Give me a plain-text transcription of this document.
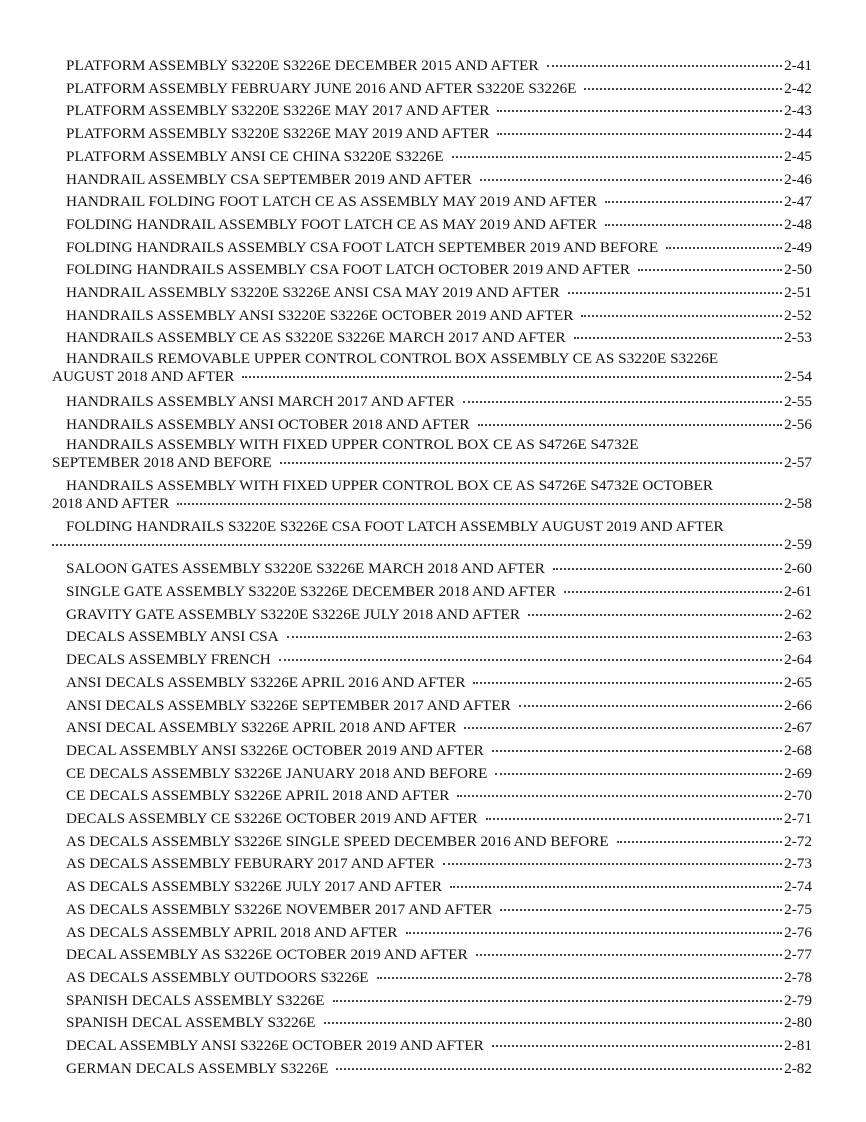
PLATFORM ASSEMBLY S3220E S3226E DECEMBER 2015 AND AFTER	2-41
PLATFORM ASSEMBLY FEBRUARY JUNE 2016 AND AFTER S3220E S3226E	2-42
PLATFORM ASSEMBLY S3220E S3226E MAY 2017 AND AFTER	2-43
PLATFORM ASSEMBLY S3220E S3226E MAY 2019 AND AFTER	2-44
PLATFORM ASSEMBLY ANSI CE CHINA S3220E S3226E	2-45
HANDRAIL ASSEMBLY CSA SEPTEMBER 2019 AND AFTER	2-46
HANDRAIL FOLDING FOOT LATCH CE AS ASSEMBLY MAY 2019 AND AFTER	2-47
FOLDING HANDRAIL ASSEMBLY FOOT LATCH CE AS MAY 2019 AND AFTER	2-48
FOLDING HANDRAILS ASSEMBLY CSA FOOT LATCH SEPTEMBER 2019 AND BEFORE	2-49
FOLDING HANDRAILS ASSEMBLY CSA FOOT LATCH OCTOBER 2019 AND AFTER	2-50
HANDRAIL ASSEMBLY S3220E S3226E ANSI CSA MAY 2019 AND AFTER	2-51
HANDRAILS ASSEMBLY ANSI S3220E S3226E OCTOBER 2019 AND AFTER	2-52
HANDRAILS ASSEMBLY CE AS S3220E S3226E MARCH 2017 AND AFTER	2-53
HANDRAILS REMOVABLE UPPER CONTROL CONTROL BOX ASSEMBLY CE AS S3220E S3226E
AUGUST 2018 AND AFTER	2-54
HANDRAILS ASSEMBLY ANSI MARCH 2017 AND AFTER	2-55
HANDRAILS ASSEMBLY ANSI OCTOBER 2018 AND AFTER	2-56
HANDRAILS ASSEMBLY WITH FIXED UPPER CONTROL BOX CE AS S4726E S4732E
SEPTEMBER 2018 AND BEFORE	2-57
HANDRAILS ASSEMBLY WITH FIXED UPPER CONTROL BOX CE AS S4726E S4732E OCTOBER
2018 AND AFTER	2-58
FOLDING HANDRAILS S3220E S3226E CSA FOOT LATCH ASSEMBLY AUGUST 2019 AND AFTER
2-59
SALOON GATES ASSEMBLY S3220E S3226E MARCH 2018 AND AFTER	2-60
SINGLE GATE ASSEMBLY S3220E S3226E DECEMBER 2018 AND AFTER	2-61
GRAVITY GATE ASSEMBLY S3220E S3226E JULY 2018 AND AFTER	2-62
DECALS ASSEMBLY ANSI CSA	2-63
DECALS ASSEMBLY FRENCH	2-64
ANSI DECALS ASSEMBLY S3226E APRIL 2016 AND AFTER	2-65
ANSI DECALS ASSEMBLY S3226E SEPTEMBER 2017 AND AFTER	2-66
ANSI DECAL ASSEMBLY S3226E APRIL 2018 AND AFTER	2-67
DECAL ASSEMBLY ANSI S3226E OCTOBER 2019 AND AFTER	2-68
CE DECALS ASSEMBLY S3226E JANUARY 2018 AND BEFORE	2-69
CE DECALS ASSEMBLY S3226E APRIL 2018 AND AFTER	2-70
DECALS ASSEMBLY CE S3226E OCTOBER 2019 AND AFTER	2-71
AS DECALS ASSEMBLY S3226E SINGLE SPEED DECEMBER 2016 AND BEFORE	2-72
AS DECALS ASSEMBLY FEBURARY 2017 AND AFTER	2-73
AS DECALS ASSEMBLY S3226E JULY 2017 AND AFTER	2-74
AS DECALS ASSEMBLY S3226E NOVEMBER 2017 AND AFTER	2-75
AS DECALS ASSEMBLY APRIL 2018 AND AFTER	2-76
DECAL ASSEMBLY AS S3226E OCTOBER 2019 AND AFTER	2-77
AS DECALS ASSEMBLY OUTDOORS S3226E	2-78
SPANISH DECALS ASSEMBLY S3226E	2-79
SPANISH DECAL ASSEMBLY S3226E	2-80
DECAL ASSEMBLY ANSI S3226E OCTOBER 2019 AND AFTER	2-81
GERMAN DECALS ASSEMBLY S3226E	2-82
